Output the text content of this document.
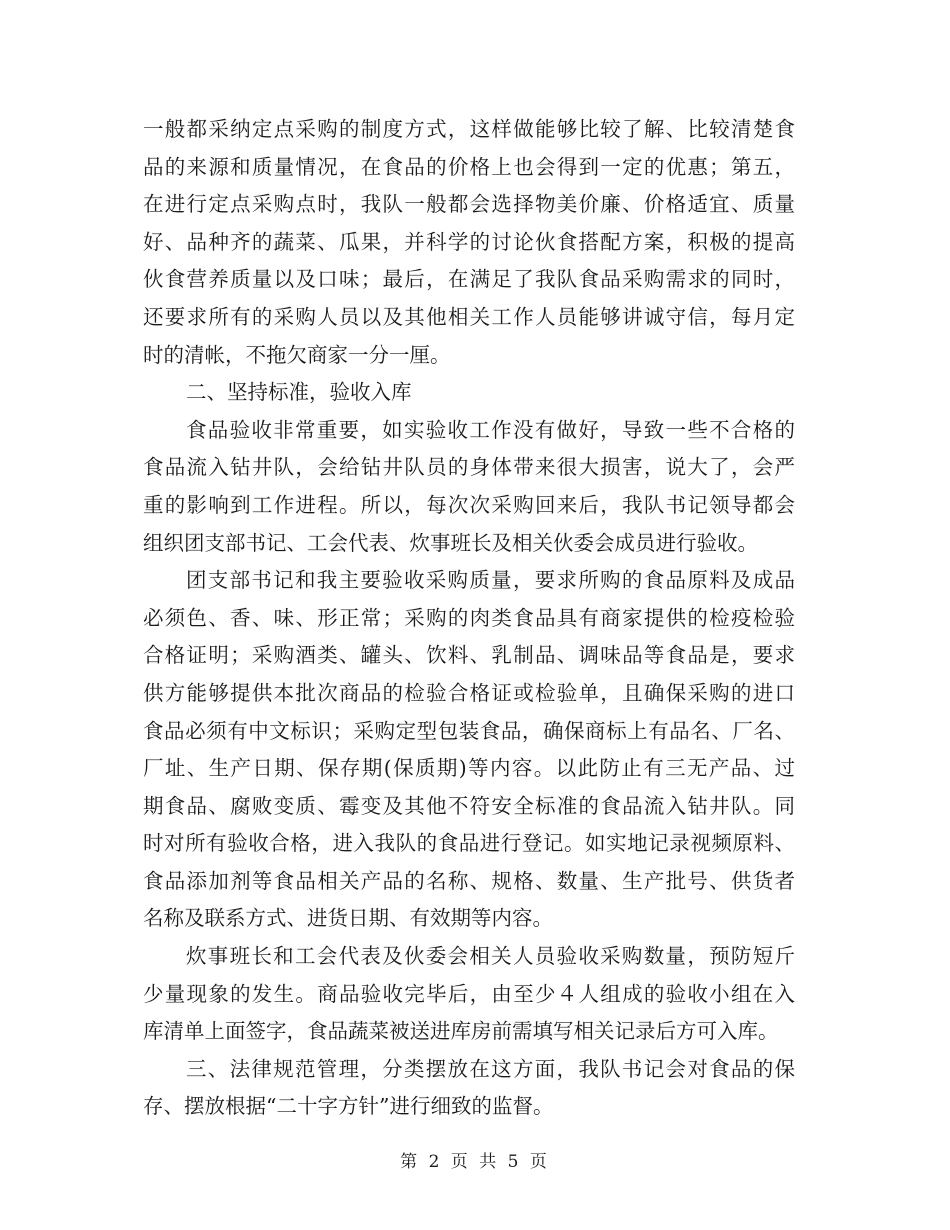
一般都采纳定点采购的制度方式，这样做能够比较了解、比较清楚食
品的来源和质量情况，在食品的价格上也会得到一定的优惠；第五，
在进行定点采购点时，我队一般都会选择物美价廉、价格适宜、质量
好、品种齐的蔬菜、瓜果，并科学的讨论伙食搭配方案，积极的提高
伙食营养质量以及口味；最后，在满足了我队食品采购需求的同时，
还要求所有的采购人员以及其他相关工作人员能够讲诚守信，每月定
时的清帐，不拖欠商家一分一厘。
二、坚持标准，验收入库
食品验收非常重要，如实验收工作没有做好，导致一些不合格的
食品流入钻井队，会给钻井队员的身体带来很大损害，说大了，会严
重的影响到工作进程。所以，每次次采购回来后，我队书记领导都会
组织团支部书记、工会代表、炊事班长及相关伙委会成员进行验收。
团支部书记和我主要验收采购质量，要求所购的食品原料及成品
必须色、香、味、形正常；采购的肉类食品具有商家提供的检疫检验
合格证明；采购酒类、罐头、饮料、乳制品、调味品等食品是，要求
供方能够提供本批次商品的检验合格证或检验单，且确保采购的进口
食品必须有中文标识；采购定型包装食品，确保商标上有品名、厂名、
厂址、生产日期、保存期(保质期)等内容。以此防止有三无产品、过
期食品、腐败变质、霉变及其他不符安全标准的食品流入钻井队。同
时对所有验收合格，进入我队的食品进行登记。如实地记录视频原料、
食品添加剂等食品相关产品的名称、规格、数量、生产批号、供货者
名称及联系方式、进货日期、有效期等内容。
炊事班长和工会代表及伙委会相关人员验收采购数量，预防短斤
少量现象的发生。商品验收完毕后，由至少４人组成的验收小组在入
库清单上面签字，食品蔬菜被送进库房前需填写相关记录后方可入库。
三、法律规范管理，分类摆放在这方面，我队书记会对食品的保
存、摆放根据“二十字方针”进行细致的监督。
第 2 页 共 5 页
